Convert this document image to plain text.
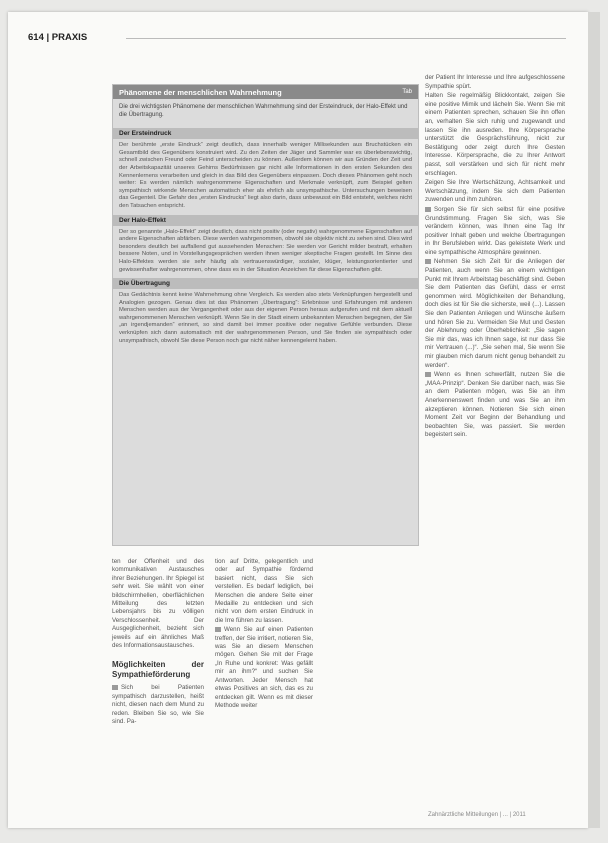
614 | PRAXIS
Phänomene der menschlichen Wahrnehmung	Tab
Die drei wichtigsten Phänomene der menschlichen Wahrnehmung sind der Ersteindruck, der Halo-Effekt und die Übertragung.
Der Ersteindruck
Der berühmte „erste Eindruck“ zeigt deutlich, dass innerhalb weniger Millisekunden aus Bruchstücken ein Gesamtbild des Gegenübers konstruiert wird. Zu den Zeiten der Jäger und Sammler war es überlebenswichtig, schnell zwischen Freund oder Feind unterscheiden zu können. Außerdem können wir aus Gründen der Zeit und der Arbeitskapazität unseres Gehirns Bedürfnissen gar nicht alle Informationen in den ersten Sekunden des Kennenlernens verarbeiten und gleich in das Bild des Gegenübers einpassen. Doch dieses Phänomen geht noch weiter: Es werden nämlich wahrgenommene Eigenschaften und Merkmale verknüpft, zum Beispiel gelten sympathisch wirkende Menschen automatisch eher als ehrlich als unsympathische. Untersuchungen beweisen das Gegenteil. Die Gefahr des „ersten Eindrucks“ liegt also darin, dass unbewusst ein Bild entsteht, welches nicht den Tatsachen entspricht.
Der Halo-Effekt
Der so genannte „Halo-Effekt“ zeigt deutlich, dass nicht positiv (oder negativ) wahrgenommene Eigenschaften auf andere Eigenschaften abfärben. Diese werden wahrgenommen, obwohl sie objektiv nicht zu sehen sind. Dies wird besonders deutlich bei auffallend gut aussehenden Menschen: Sie werden vor Gericht milder bestraft, erhalten bessere Noten, und in Vorstellungsgesprächen werden ihnen weniger skeptische Fragen gestellt. Im Sinne des Halo-Effektes werden sie sehr häufig als vertrauenswürdiger, sozialer, klüger, leistungsorientierter und gewissenhafter wahrgenommen, ohne dass es in der Situation Anzeichen für diese Eigenschaften gibt.
Die Übertragung
Das Gedächtnis kennt keine Wahrnehmung ohne Vergleich. Es werden also stets Verknüpfungen hergestellt und Analogien gezogen. Genau dies ist das Phänomen „Übertragung“: Erlebnisse und Erfahrungen mit anderen Menschen werden aus der Vergangenheit oder aus der eigenen Person heraus aufgerufen und mit dem aktuell wahrgenommenen Menschen verknüpft. Wenn Sie in der Stadt einem unbekannten Menschen begegnen, der Sie „an irgendjemanden“ erinnert, so sind damit bei immer positive oder negative Gefühle verbunden. Diese verknüpfen sich dann automatisch mit der wahrgenommenen Person, und Sie finden sie sympathisch oder unsympathisch, obwohl Sie diese Person noch gar nicht näher kennengelernt haben.

ten der Offenheit und des kommunikativen Austausches ihrer Beziehungen. Ihr Spiegel ist sehr weit. Sie wählt von einer bildschirmhellen, oberflächlichen Mitteilung des letzten Lebensjahrs bis zu völligen Verschlossenheit. Der Ausgeglichenheit, bezieht sich jeweils auf ein ähnliches Maß des Informationsaustausches.

Möglichkeiten der Sympathieförderung

Sich bei Patienten sympathisch darzustellen, heißt nicht, diesen nach dem Mund zu reden. Bleiben Sie so, wie Sie sind. Pa-

tion auf Dritte, gelegentlich und oder auf Sympathie fördernd basiert nicht, dass Sie sich verstellen. Es bedarf lediglich, bei Menschen die andere Seite einer Medaille zu entdecken und sich nicht von dem ersten Eindruck in die Irre führen zu lassen.

Wenn Sie auf einen Patienten treffen, der Sie irritiert, notieren Sie, was Sie an diesem Menschen mögen. Gehen Sie mit der Frage „In Ruhe und konkret: Was gefällt mir an ihm?“ und suchen Sie Antworten. Jeder Mensch hat etwas Positives an sich, das es zu entdecken gilt. Wenn es mit dieser Methode weiter

der Patient Ihr Interesse und Ihre aufgeschlossene Sympathie spürt.

Halten Sie regelmäßig Blickkontakt, zeigen Sie eine positive Mimik und lächeln Sie. Wenn Sie mit einem Patienten sprechen, schauen Sie ihn offen an, verhalten Sie sich ruhig und zugewandt und lassen Sie ihn ausreden. Ihre Körpersprache unterstützt die Gesprächsführung, nickt zur Bestätigung oder zeigt durch Ihre Gesten Interesse. Körpersprache, die zu Ihrer Antwort passt, soll verstärken und sich für nicht mehr erschlagen.

Zeigen Sie Ihre Wertschätzung, Achtsamkeit und Wertschätzung, indem Sie sich dem Patienten zuwenden und ihm zuhören.

Sorgen Sie für sich selbst für eine positive Grundstimmung. Fragen Sie sich, was Sie verändern können, was Ihnen eine Tag Ihr positiver Inhalt geben und welche Übertragungen in Ihr Berufsleben wirkt. Das geleistete Werk und eine sympathische Atmosphäre gewinnen.

Nehmen Sie sich Zeit für die Anliegen der Patienten, auch wenn Sie an einem wichtigen Punkt mit Ihrem Arbeitstag beschäftigt sind. Geben Sie dem Patienten das Gefühl, dass er ernst genommen wird. Möglichkeiten der Behandlung, doch dies ist für Sie die sicherste, weil (...). Lassen Sie den Patienten Anliegen und Wünsche äußern und hören Sie zu. Vermeiden Sie Mut und Gesten der Ablehnung oder Überheblichkeit: „Sie sagen Sie mir das, was ich Ihnen sage, ist nur dass Sie mir Vertrauen (...)“. „Sie sehen mal, Sie wenn Sie mir glauben mich darum nicht genug behandelt zu werden“.

Wenn es Ihnen schwerfällt, nutzen Sie die „MAA-Prinzip“. Denken Sie darüber nach, was Sie an dem Patienten mögen, was Sie an ihm Anerkennenswert finden und was Sie an ihm akzeptieren können. Notieren Sie sich einen Moment Zeit vor Beginn der Behandlung und beobachten Sie, was passiert. Sie werden begeistert sein.

Zahnärztliche Mitteilungen | ... | 2011
